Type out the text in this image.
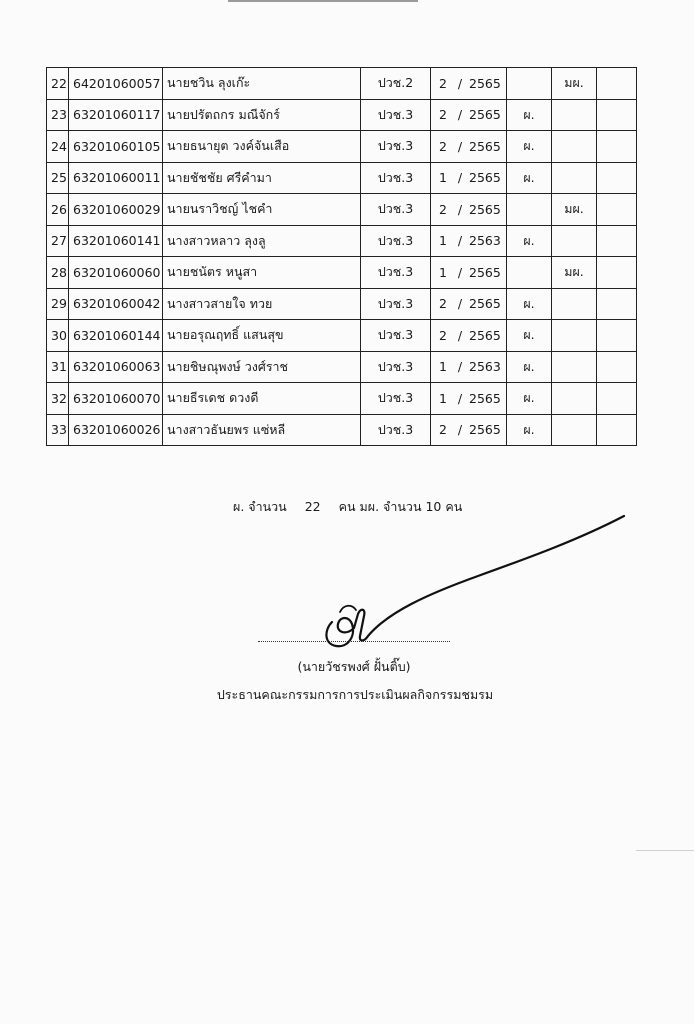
22	64201060057	นายชวิน ลุงเก๊ะ	ปวช.2	2 / 2565		มผ.	
23	63201060117	นายปรัตถกร มณีจักร์	ปวช.3	2 / 2565	ผ.		
24	63201060105	นายธนายุต วงค์จันเสือ	ปวช.3	2 / 2565	ผ.		
25	63201060011	นายชัชชัย ศรีคำมา	ปวช.3	1 / 2565	ผ.		
26	63201060029	นายนราวิชญ์ ไชคำ	ปวช.3	2 / 2565		มผ.	
27	63201060141	นางสาวหลาว ลุงลู	ปวช.3	1 / 2563	ผ.		
28	63201060060	นายชนัตร หนูสา	ปวช.3	1 / 2565		มผ.	
29	63201060042	นางสาวสายใจ ทวย	ปวช.3	2 / 2565	ผ.		
30	63201060144	นายอรุณฤทธิ์ แสนสุข	ปวช.3	2 / 2565	ผ.		
31	63201060063	นายชิษณุพงษ์ วงศ์ราช	ปวช.3	1 / 2563	ผ.		
32	63201060070	นายธีรเดช ดวงดี	ปวช.3	1 / 2565	ผ.		
33	63201060026	นางสาวธันยพร แซ่หลี	ปวช.3	2 / 2565	ผ.		
ผ. จำนวน 22 คน มผ. จำนวน 10 คน
(นายวัชรพงศ์ ฝั้นติ๊บ)
ประธานคณะกรรมการการประเมินผลกิจกรรมชมรม
